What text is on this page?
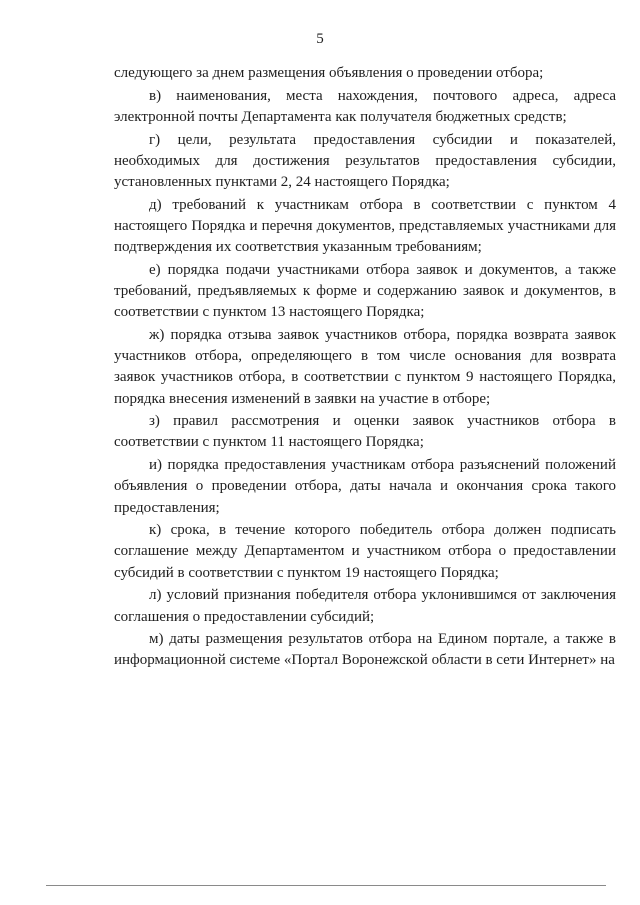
5

следующего за днем размещения объявления о проведении отбора;

в) наименования, места нахождения, почтового адреса, адреса электронной почты Департамента как получателя бюджетных средств;

г) цели, результата предоставления субсидии и показателей, необходимых для достижения результатов предоставления субсидии, установленных пунктами 2, 24 настоящего Порядка;

д) требований к участникам отбора в соответствии с пунктом 4 настоящего Порядка и перечня документов, представляемых участниками для подтверждения их соответствия указанным требованиям;

е) порядка подачи участниками отбора заявок и документов, а также требований, предъявляемых к форме и содержанию заявок и документов, в соответствии с пунктом 13 настоящего Порядка;

ж) порядка отзыва заявок участников отбора, порядка возврата заявок участников отбора, определяющего в том числе основания для возврата заявок участников отбора, в соответствии с пунктом 9 настоящего Порядка, порядка внесения изменений в заявки на участие в отборе;

з) правил рассмотрения и оценки заявок участников отбора в соответствии с пунктом 11 настоящего Порядка;

и) порядка предоставления участникам отбора разъяснений положений объявления о проведении отбора, даты начала и окончания срока такого предоставления;

к) срока, в течение которого победитель отбора должен подписать соглашение между Департаментом и участником отбора о предоставлении субсидий в соответствии с пунктом 19 настоящего Порядка;

л) условий признания победителя отбора уклонившимся от заключения соглашения о предоставлении субсидий;

м) даты размещения результатов отбора на Едином портале, а также в информационной системе «Портал Воронежской области в сети Интернет» на
